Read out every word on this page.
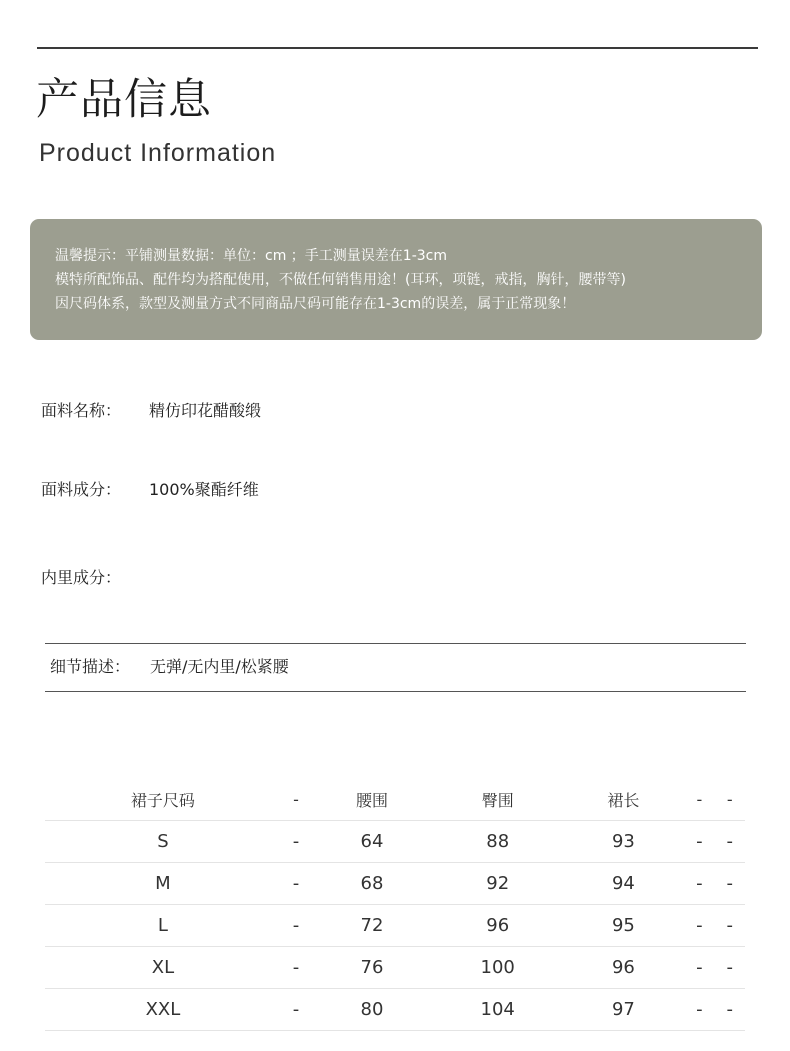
产品信息
Product Information
温馨提示：平铺测量数据：单位：cm ；手工测量误差在1-3cm
模特所配饰品、配件均为搭配使用，不做任何销售用途！(耳环，项链，戒指，胸针，腰带等)
因尺码体系，款型及测量方式不同商品尺码可能存在1-3cm的误差，属于正常现象！
面料名称： 精仿印花醋酸缎
面料成分： 100%聚酯纤维
内里成分：
细节描述： 无弹/无内里/松紧腰
裙子尺码	-	腰围	臀围	裙长	-	-
S	-	64	88	93	-	-
M	-	68	92	94	-	-
L	-	72	96	95	-	-
XL	-	76	100	96	-	-
XXL	-	80	104	97	-	-
